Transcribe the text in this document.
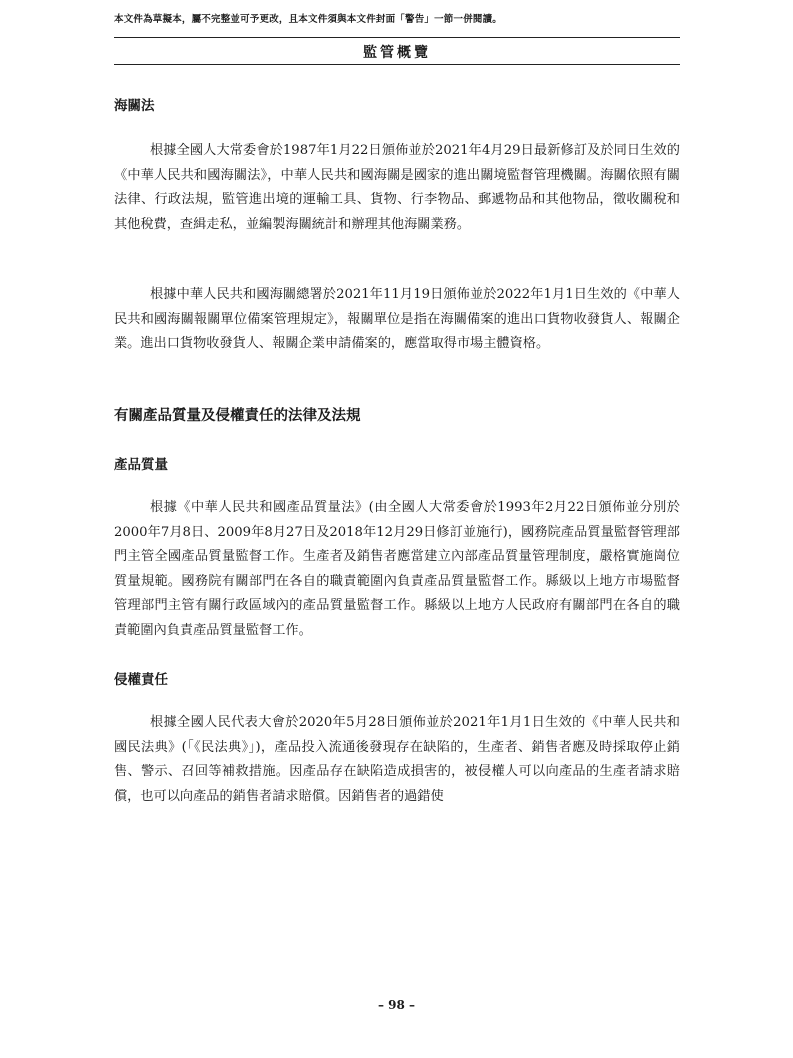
本文件為草擬本，屬不完整並可予更改，且本文件須與本文件封面「警告」一節一併閱讀。
監管概覽
海關法

根據全國人大常委會於1987年1月22日頒佈並於2021年4月29日最新修訂及於同日生效的《中華人民共和國海關法》，中華人民共和國海關是國家的進出關境監督管理機關。海關依照有關法律、行政法規，監管進出境的運輸工具、貨物、行李物品、郵遞物品和其他物品，徵收關稅和其他稅費，查緝走私，並編製海關統計和辦理其他海關業務。

根據中華人民共和國海關總署於2021年11月19日頒佈並於2022年1月1日生效的《中華人民共和國海關報關單位備案管理規定》，報關單位是指在海關備案的進出口貨物收發貨人、報關企業。進出口貨物收發貨人、報關企業申請備案的，應當取得市場主體資格。

有關產品質量及侵權責任的法律及法規
產品質量

根據《中華人民共和國產品質量法》(由全國人大常委會於1993年2月22日頒佈並分別於2000年7月8日、2009年8月27日及2018年12月29日修訂並施行)，國務院產品質量監督管理部門主管全國產品質量監督工作。生產者及銷售者應當建立內部產品質量管理制度，嚴格實施崗位質量規範。國務院有關部門在各自的職責範圍內負責產品質量監督工作。縣級以上地方市場監督管理部門主管有關行政區域內的產品質量監督工作。縣級以上地方人民政府有關部門在各自的職責範圍內負責產品質量監督工作。

侵權責任

根據全國人民代表大會於2020年5月28日頒佈並於2021年1月1日生效的《中華人民共和國民法典》(「《民法典》」)，產品投入流通後發現存在缺陷的，生產者、銷售者應及時採取停止銷售、警示、召回等補救措施。因產品存在缺陷造成損害的，被侵權人可以向產品的生產者請求賠償，也可以向產品的銷售者請求賠償。因銷售者的過錯使

– 98 –
